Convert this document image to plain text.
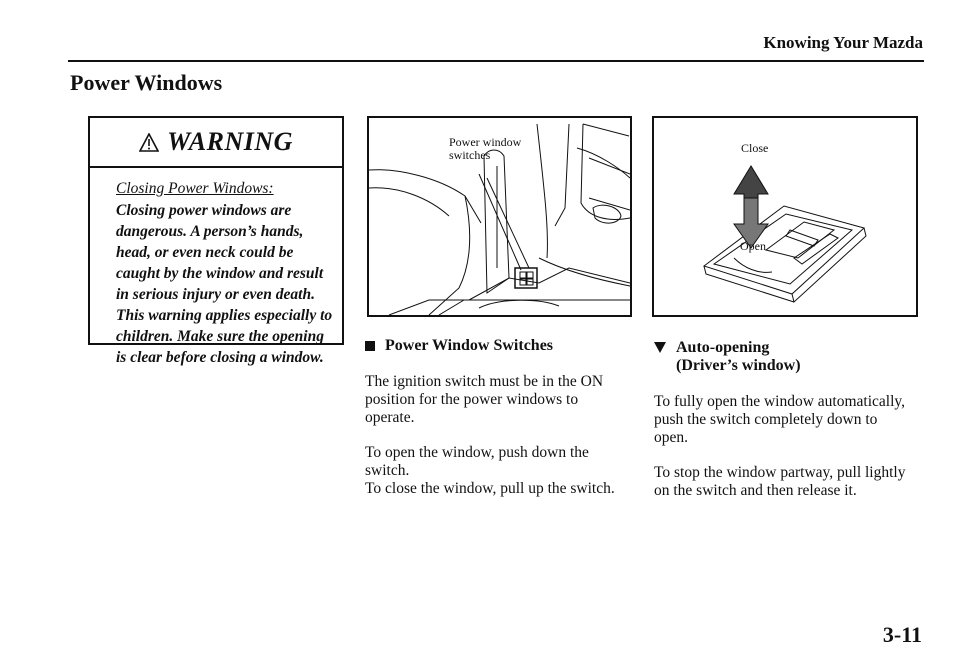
Knowing Your Mazda
Power Windows
WARNING
Closing Power Windows:
Closing power windows are dangerous. A person’s hands, head, or even neck could be caught by the window and result in serious injury or even death. This warning applies especially to children. Make sure the opening is clear before closing a window.
Power window
switches	Close
Open
Power Window Switches

The ignition switch must be in the ON
position for the power windows to
operate.

To open the window, push down the
switch.
To close the window, pull up the switch.

Auto-opening
(Driver’s window)

To fully open the window automatically,
push the switch completely down to
open.

To stop the window partway, pull lightly
on the switch and then release it.

3-11
